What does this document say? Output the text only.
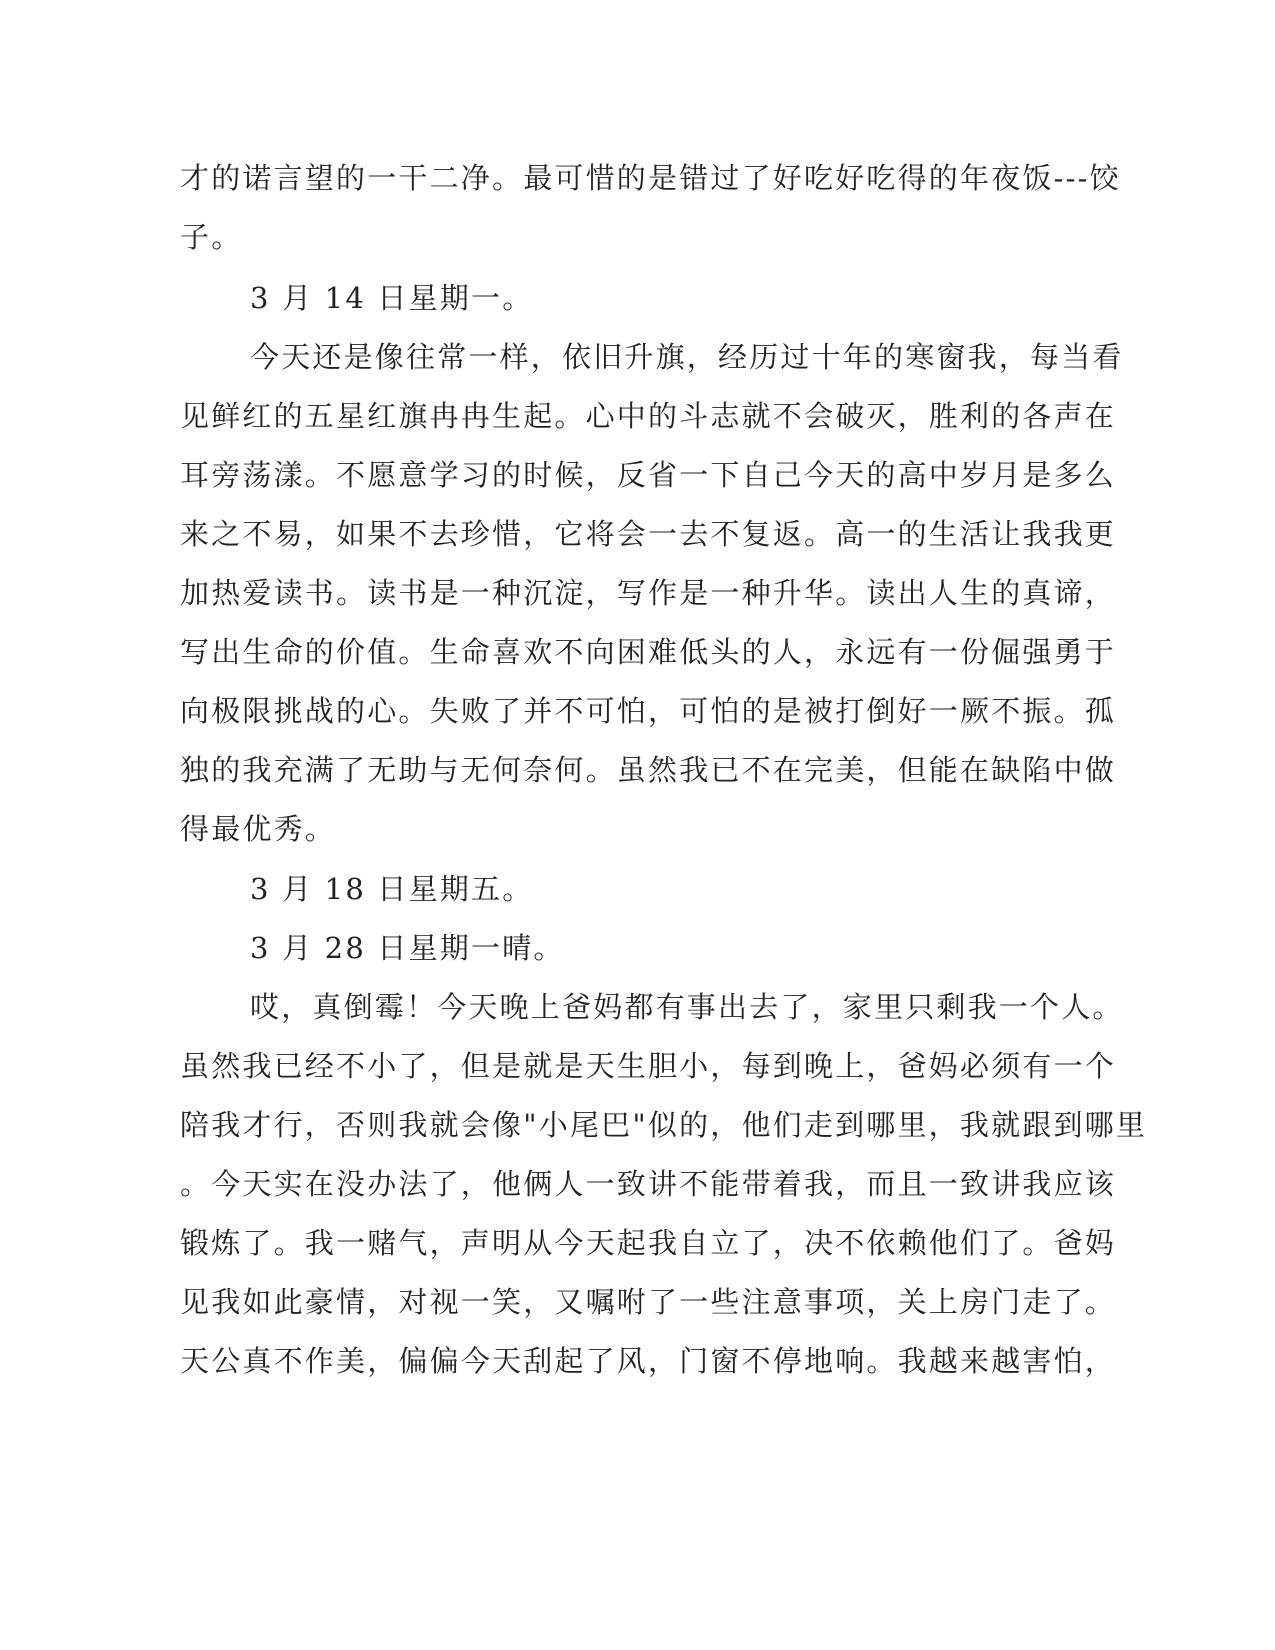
才的诺言望的一干二净。最可惜的是错过了好吃好吃得的年夜饭---饺
子。
3 月 14 日星期一。
今天还是像往常一样，依旧升旗，经历过十年的寒窗我，每当看
见鲜红的五星红旗冉冉生起。心中的斗志就不会破灭，胜利的各声在
耳旁荡漾。不愿意学习的时候，反省一下自己今天的高中岁月是多么
来之不易，如果不去珍惜，它将会一去不复返。高一的生活让我我更
加热爱读书。读书是一种沉淀，写作是一种升华。读出人生的真谛，
写出生命的价值。生命喜欢不向困难低头的人，永远有一份倔强勇于
向极限挑战的心。失败了并不可怕，可怕的是被打倒好一厥不振。孤
独的我充满了无助与无何奈何。虽然我已不在完美，但能在缺陷中做
得最优秀。
3 月 18 日星期五。
3 月 28 日星期一晴。
哎，真倒霉！今天晚上爸妈都有事出去了，家里只剩我一个人。
虽然我已经不小了，但是就是天生胆小，每到晚上，爸妈必须有一个
陪我才行，否则我就会像"小尾巴"似的，他们走到哪里，我就跟到哪里
。今天实在没办法了，他俩人一致讲不能带着我，而且一致讲我应该
锻炼了。我一赌气，声明从今天起我自立了，决不依赖他们了。爸妈
见我如此豪情，对视一笑，又嘱咐了一些注意事项，关上房门走了。
天公真不作美，偏偏今天刮起了风，门窗不停地响。我越来越害怕，
